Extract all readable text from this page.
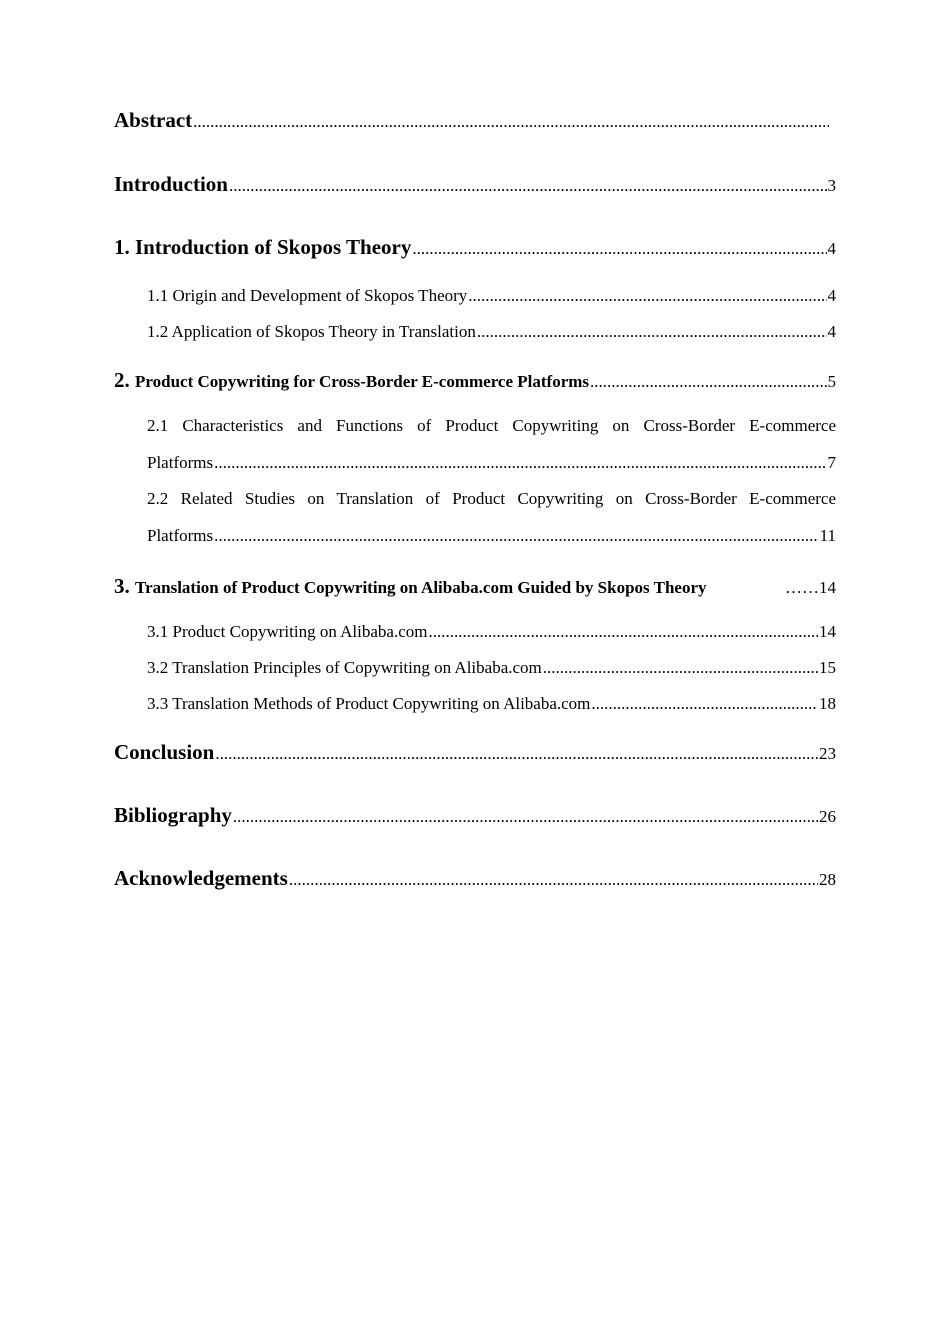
Abstract
.....
Introduction .....	3
1. Introduction of Skopos Theory .....	4
1.1 Origin and Development of Skopos Theory .....	4
1.2 Application of Skopos Theory in Translation .....	4
2. Product Copywriting for Cross-Border E-commerce Platforms .....	5
2.1 Characteristics and Functions of Product Copywriting on Cross-Border E-commerce
Platforms .....	7
2.2 Related Studies on Translation of Product Copywriting on Cross-Border E-commerce
Platforms .....	11
3. Translation of Product Copywriting on Alibaba.com Guided by Skopos Theory	…… 14
3.1 Product Copywriting on Alibaba.com .....	14
3.2 Translation Principles of Copywriting on Alibaba.com .....	15
3.3 Translation Methods of Product Copywriting on Alibaba.com .....	18
Conclusion .....	23
Bibliography .....	26
Acknowledgements .....	28
